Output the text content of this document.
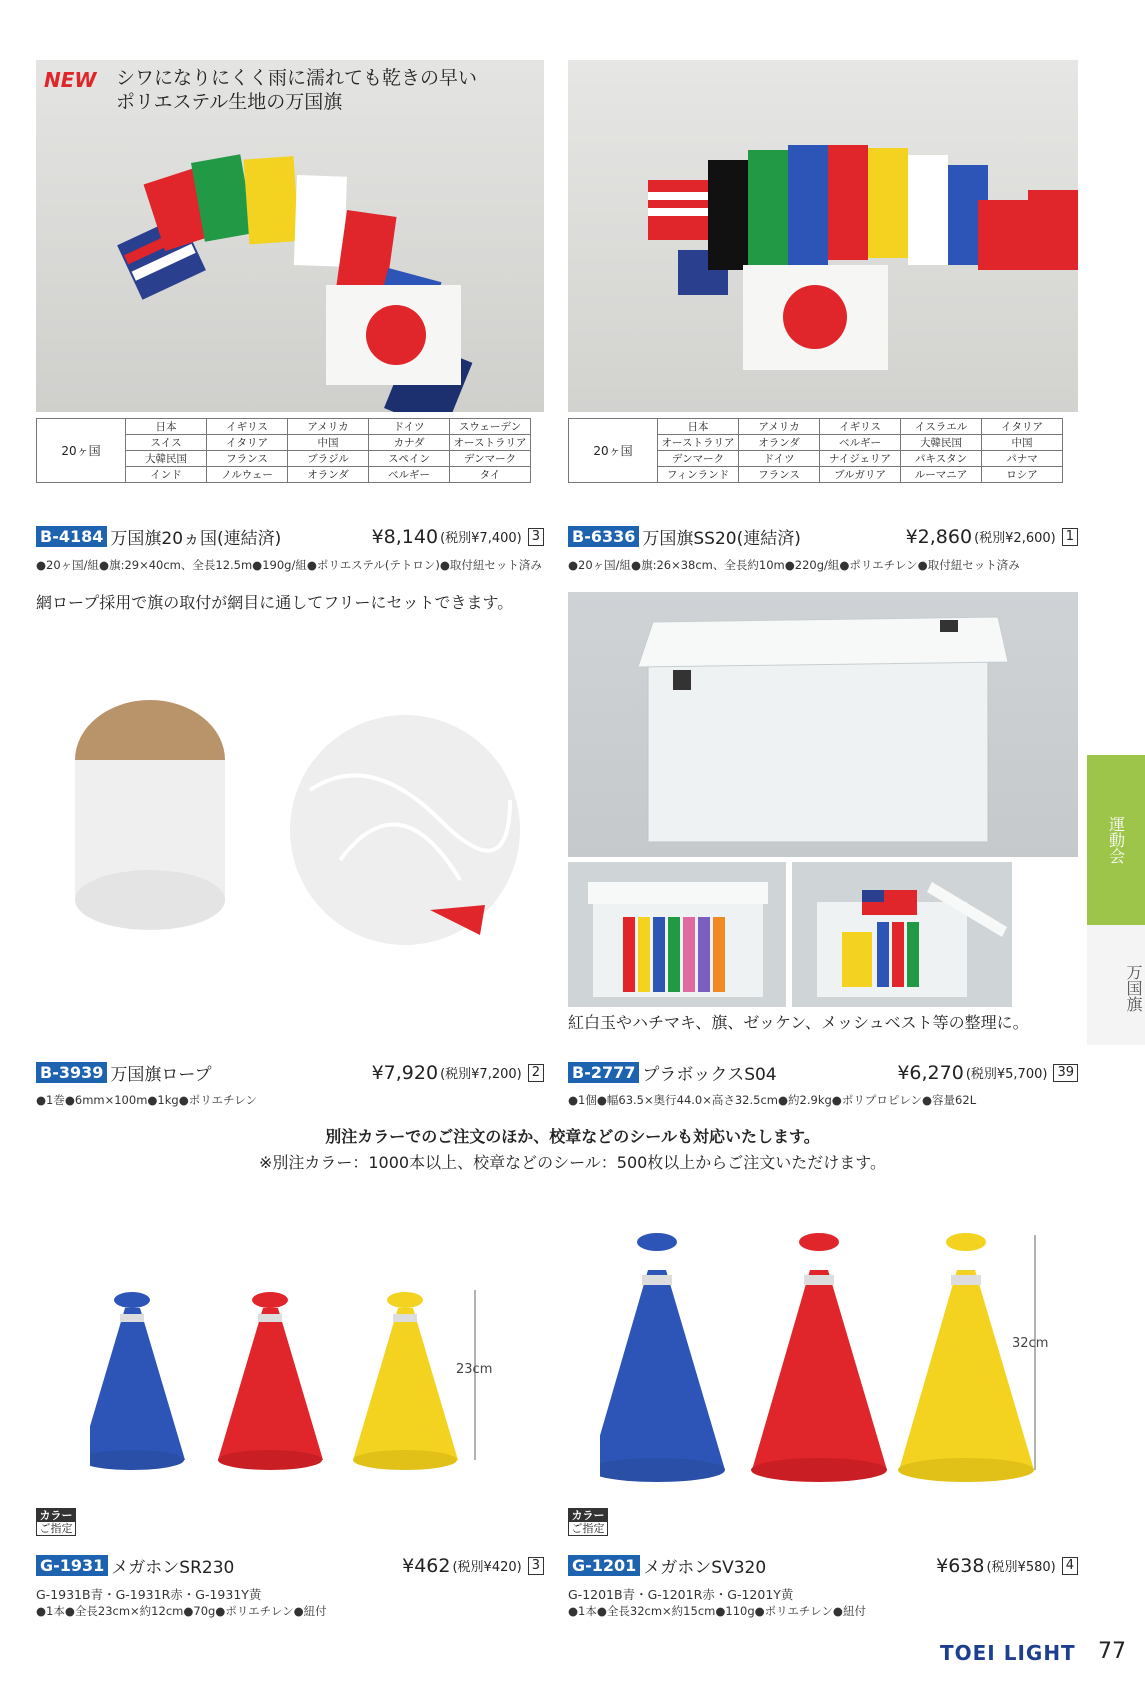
NEW シワになりにくく雨に濡れても乾きの早い
ポリエステル生地の万国旗
20ヶ国	日本	イギリス	アメリカ	ドイツ	スウェーデン
	スイス	イタリア	中国	カナダ	オーストラリア
	大韓民国	フランス	ブラジル	スペイン	デンマーク
	インド	ノルウェー	オランダ	ベルギー	タイ
B-4184 万国旗20ヵ国(連結済)	¥8,140 (税別¥7,400) 3
●20ヶ国/組●旗:29×40cm、全長12.5m●190g/組●ポリエステル(テトロン)●取付紐セット済み
20ヶ国	日本	アメリカ	イギリス	イスラエル	イタリア
	オーストラリア	オランダ	ベルギー	大韓民国	中国
	デンマーク	ドイツ	ナイジェリア	パキスタン	パナマ
	フィンランド	フランス	ブルガリア	ルーマニア	ロシア
B-6336 万国旗SS20(連結済)	¥2,860 (税別¥2,600) 1
●20ヶ国/組●旗:26×38cm、全長約10m●220g/組●ポリエチレン●取付紐セット済み
網ロープ採用で旗の取付が網目に通してフリーにセットできます。
B-3939 万国旗ロープ	¥7,920 (税別¥7,200) 2
●1巻●6mm×100m●1kg●ポリエチレン
紅白玉やハチマキ、旗、ゼッケン、メッシュベスト等の整理に。
B-2777 プラボックスS04	¥6,270 (税別¥5,700) 39
●1個●幅63.5×奥行44.0×高さ32.5cm●約2.9kg●ポリプロピレン●容量62L
別注カラーでのご注文のほか、校章などのシールも対応いたします。
※別注カラー：1000本以上、校章などのシール：500枚以上からご注文いただけます。
23cm
カラー
ご指定
G-1931 メガホンSR230	¥462 (税別¥420) 3
G-1931B青・G-1931R赤・G-1931Y黄
●1本●全長23cm×約12cm●70g●ポリエチレン●紐付
32cm
カラー
ご指定
G-1201 メガホンSV320	¥638 (税別¥580) 4
G-1201B青・G-1201R赤・G-1201Y黄
●1本●全長32cm×約15cm●110g●ポリエチレン●紐付
運動会
万国旗
TOEI LIGHT 77
